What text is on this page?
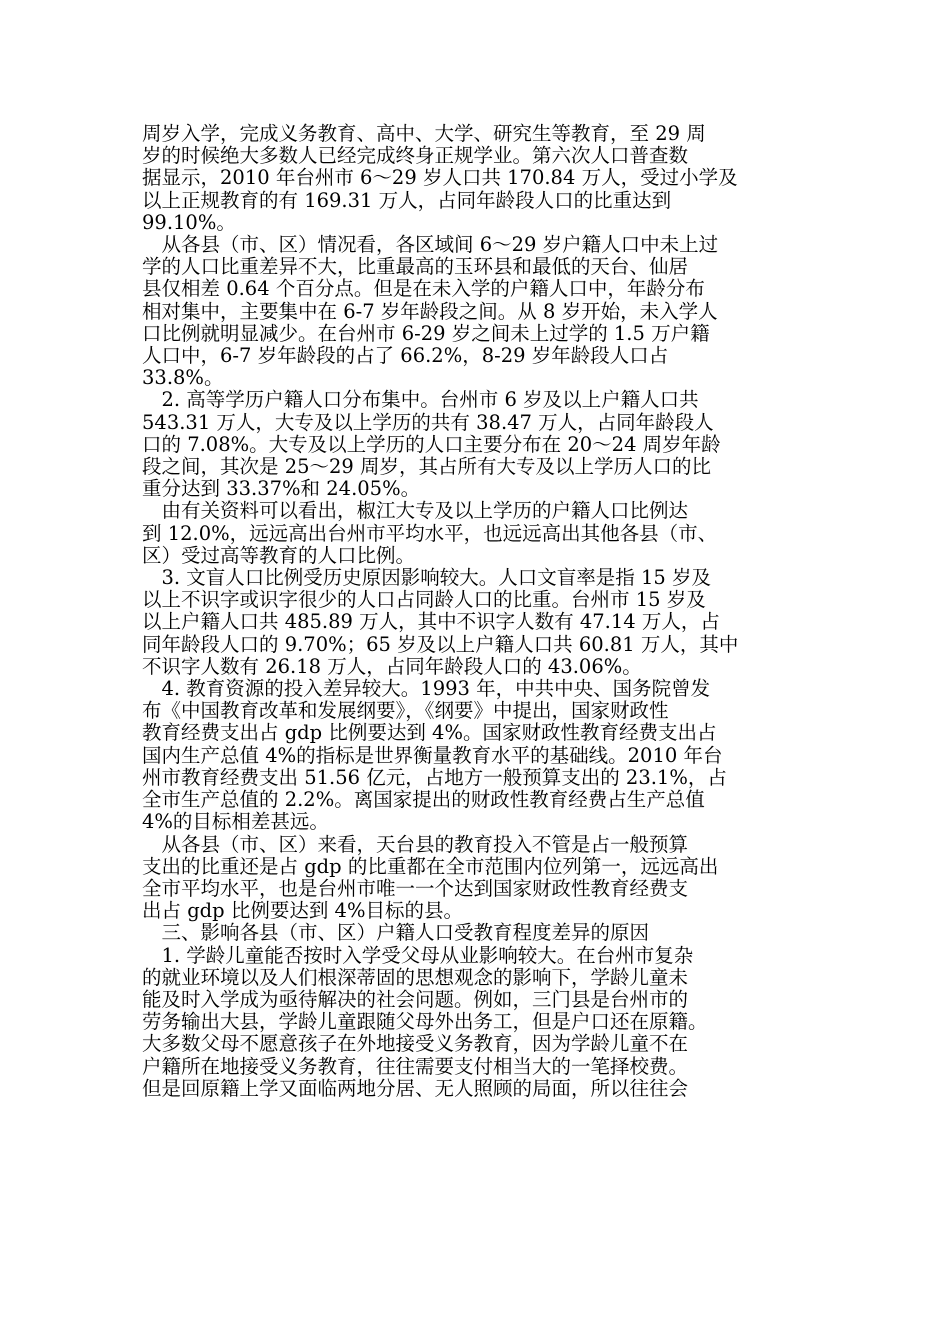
周岁入学，完成义务教育、高中、大学、研究生等教育，至 29 周
岁的时候绝大多数人已经完成终身正规学业。第六次人口普查数
据显示，2010 年台州市 6～29 岁人口共 170.84 万人，受过小学及
以上正规教育的有 169.31 万人，占同年龄段人口的比重达到
99.10%。
　从各县（市、区）情况看，各区域间 6～29 岁户籍人口中未上过
学的人口比重差异不大，比重最高的玉环县和最低的天台、仙居
县仅相差 0.64 个百分点。但是在未入学的户籍人口中，年龄分布
相对集中，主要集中在 6-7 岁年龄段之间。从 8 岁开始，未入学人
口比例就明显减少。在台州市 6-29 岁之间未上过学的 1.5 万户籍
人口中，6-7 岁年龄段的占了 66.2%，8-29 岁年龄段人口占
33.8%。
　2. 高等学历户籍人口分布集中。台州市 6 岁及以上户籍人口共
543.31 万人，大专及以上学历的共有 38.47 万人，占同年龄段人
口的 7.08%。大专及以上学历的人口主要分布在 20～24 周岁年龄
段之间，其次是 25～29 周岁，其占所有大专及以上学历人口的比
重分达到 33.37%和 24.05%。
　由有关资料可以看出，椒江大专及以上学历的户籍人口比例达
到 12.0%，远远高出台州市平均水平，也远远高出其他各县（市、
区）受过高等教育的人口比例。
　3. 文盲人口比例受历史原因影响较大。人口文盲率是指 15 岁及
以上不识字或识字很少的人口占同龄人口的比重。台州市 15 岁及
以上户籍人口共 485.89 万人，其中不识字人数有 47.14 万人，占
同年龄段人口的 9.70%；65 岁及以上户籍人口共 60.81 万人，其中
不识字人数有 26.18 万人，占同年龄段人口的 43.06%。
　4. 教育资源的投入差异较大。1993 年，中共中央、国务院曾发
布《中国教育改革和发展纲要》，《纲要》中提出，国家财政性
教育经费支出占 gdp 比例要达到 4%。国家财政性教育经费支出占
国内生产总值 4%的指标是世界衡量教育水平的基础线。2010 年台
州市教育经费支出 51.56 亿元，占地方一般预算支出的 23.1%，占
全市生产总值的 2.2%。离国家提出的财政性教育经费占生产总值
4%的目标相差甚远。
　从各县（市、区）来看，天台县的教育投入不管是占一般预算
支出的比重还是占 gdp 的比重都在全市范围内位列第一，远远高出
全市平均水平，也是台州市唯一一个达到国家财政性教育经费支
出占 gdp 比例要达到 4%目标的县。
　三、影响各县（市、区）户籍人口受教育程度差异的原因
　1. 学龄儿童能否按时入学受父母从业影响较大。在台州市复杂
的就业环境以及人们根深蒂固的思想观念的影响下，学龄儿童未
能及时入学成为亟待解决的社会问题。例如，三门县是台州市的
劳务输出大县，学龄儿童跟随父母外出务工，但是户口还在原籍。
大多数父母不愿意孩子在外地接受义务教育，因为学龄儿童不在
户籍所在地接受义务教育，往往需要支付相当大的一笔择校费。
但是回原籍上学又面临两地分居、无人照顾的局面，所以往往会
